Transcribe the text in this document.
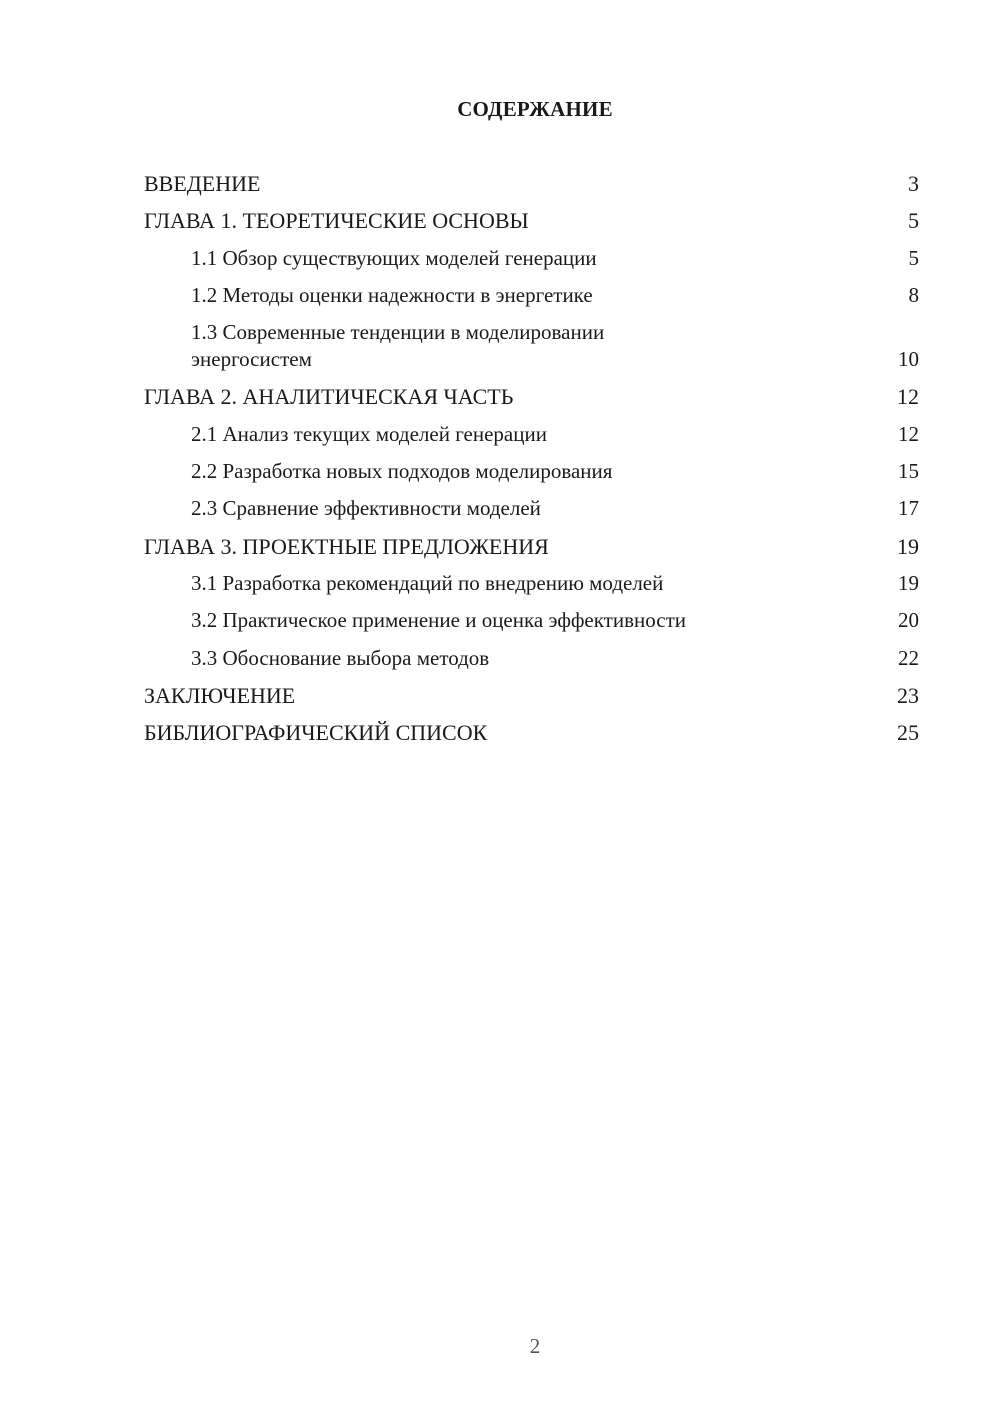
СОДЕРЖАНИЕ
ВВЕДЕНИЕ	3
ГЛАВА 1. ТЕОРЕТИЧЕСКИЕ ОСНОВЫ	5
1.1 Обзор существующих моделей генерации	5
1.2 Методы оценки надежности в энергетике	8
1.3 Современные тенденции в моделировании энергосистем	10
ГЛАВА 2. АНАЛИТИЧЕСКАЯ ЧАСТЬ	12
2.1 Анализ текущих моделей генерации	12
2.2 Разработка новых подходов моделирования	15
2.3 Сравнение эффективности моделей	17
ГЛАВА 3. ПРОЕКТНЫЕ ПРЕДЛОЖЕНИЯ	19
3.1 Разработка рекомендаций по внедрению моделей	19
3.2 Практическое применение и оценка эффективности	20
3.3 Обоснование выбора методов	22
ЗАКЛЮЧЕНИЕ	23
БИБЛИОГРАФИЧЕСКИЙ СПИСОК	25
2
